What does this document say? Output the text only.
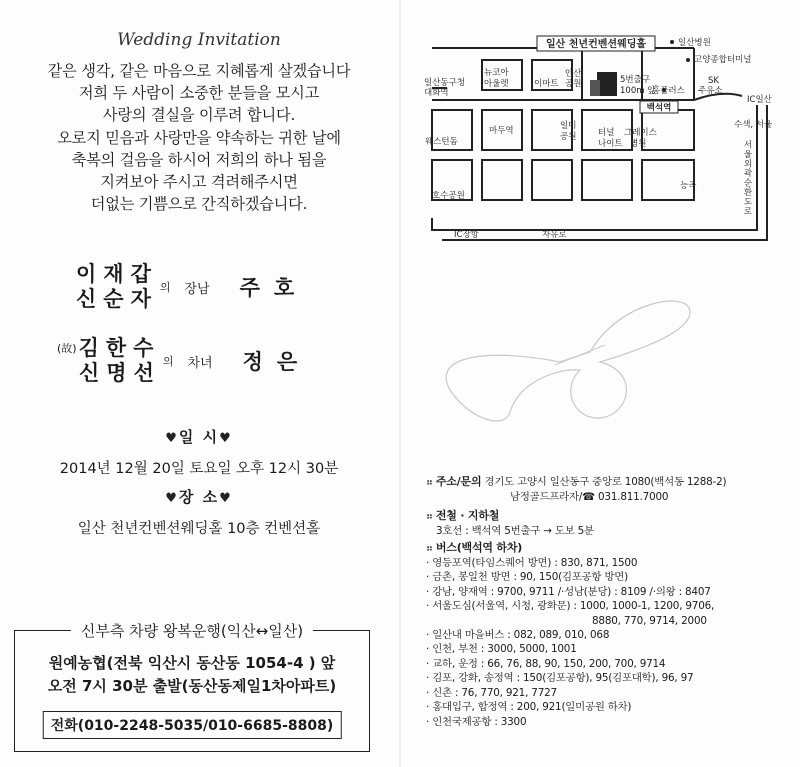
Wedding Invitation
같은 생각, 같은 마음으로 지혜롭게 살겠습니다
저희 두 사람이 소중한 분들을 모시고
사랑의 결실을 이루려 합니다.
오로지 믿음과 사랑만을 약속하는 귀한 날에
축복의 걸음을 하시어 저희의 하나 됨을
지켜보아 주시고 격려해주시면
더없는 기쁨으로 간직하겠습니다.
이재갑
신순자 의 장남 주호
(故)김한수
신명선 의 차녀 정은
♥일 시♥
2014년 12월 20일 토요일 오후 12시 30분
♥장 소♥
일산 천년컨벤션웨딩홀 10층 컨벤션홀
신부측 차량 왕복운행(익산↔일산)
원예농협(전북 익산시 동산동 1054-4 ) 앞
오전 7시 30분 출발(동산동제일1차아파트)
전화(010-2248-5035/010-6685-8808)
일산 천년컨벤션웨딩홀
백석역
일산병원
고양종합터미널
홈플러스
SK
주유소
IC일산
5번출구
100m 앞
일산동구청
대화역
뉴코아
아울렛	이마트
안산
공원
마두역	일미
공원	터널
나이트
그레이스
병원
웨스턴돔
호수공원
IC장항	자유로
능곡
수색, 서울
서울외곽순환도로
⠶ 주소/문의 경기도 고양시 일산동구 중앙로 1080(백석동 1288-2)
남정골드프라자/☎ 031.811.7000
⠶ 전철 · 지하철
3호선 : 백석역 5번출구 → 도보 5분
⠶ 버스(백석역 하차)
· 영등포역(타임스퀘어 방면) : 830, 871, 1500
· 금촌, 봉일천 방면 : 90, 150(김포공항 방면)
· 강남, 양재역 : 9700, 9711 /·성남(분당) : 8109 /·의왕 : 8407
· 서울도심(서울역, 시청, 광화문) : 1000, 1000-1, 1200, 9706,
8880, 770, 9714, 2000
· 일산내 마을버스 : 082, 089, 010, 068
· 인천, 부천 : 3000, 5000, 1001
· 교하, 운정 : 66, 76, 88, 90, 150, 200, 700, 9714
· 김포, 강화, 송정역 : 150(김포공항), 95(김포대학), 96, 97
· 신촌 : 76, 770, 921, 7727
· 홍대입구, 합정역 : 200, 921(일미공원 하차)
· 인천국제공항 : 3300
